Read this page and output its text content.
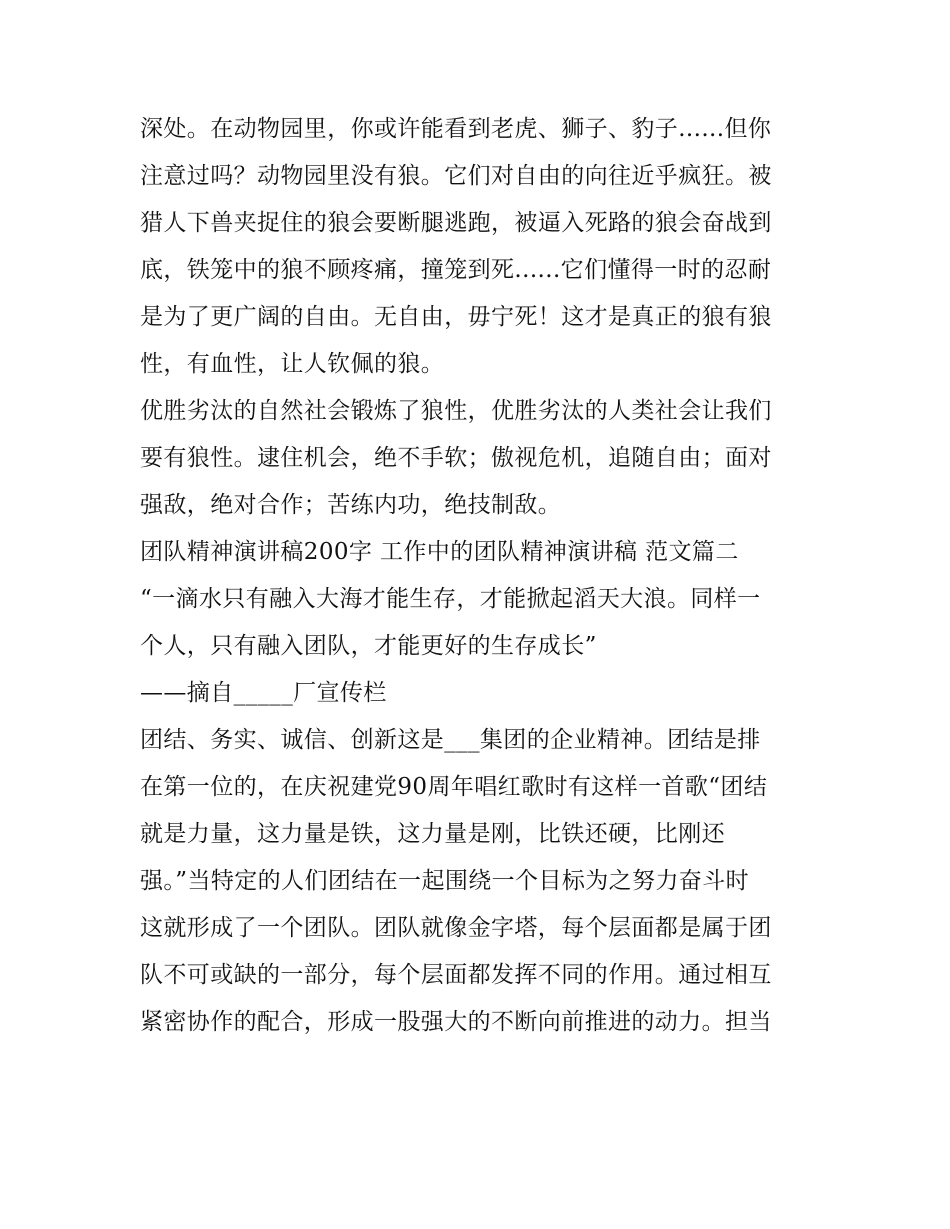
深处。在动物园里，你或许能看到老虎、狮子、豹子......但你
注意过吗？动物园里没有狼。它们对自由的向往近乎疯狂。被
猎人下兽夹捉住的狼会要断腿逃跑，被逼入死路的狼会奋战到
底，铁笼中的狼不顾疼痛，撞笼到死......它们懂得一时的忍耐
是为了更广阔的自由。无自由，毋宁死！这才是真正的狼有狼
性，有血性，让人钦佩的狼。
优胜劣汰的自然社会锻炼了狼性，优胜劣汰的人类社会让我们
要有狼性。逮住机会，绝不手软；傲视危机，追随自由；面对
强敌，绝对合作；苦练内功，绝技制敌。
团队精神演讲稿200字 工作中的团队精神演讲稿 范文篇二
“一滴水只有融入大海才能生存，才能掀起滔天大浪。同样一
个人，只有融入团队，才能更好的生存成长”
——摘自_____厂宣传栏
团结、务实、诚信、创新这是___集团的企业精神。团结是排
在第一位的，在庆祝建党90周年唱红歌时有这样一首歌“团结
就是力量，这力量是铁，这力量是刚，比铁还硬，比刚还
强。”当特定的人们团结在一起围绕一个目标为之努力奋斗时
这就形成了一个团队。团队就像金字塔，每个层面都是属于团
队不可或缺的一部分，每个层面都发挥不同的作用。通过相互
紧密协作的配合，形成一股强大的不断向前推进的动力。担当
